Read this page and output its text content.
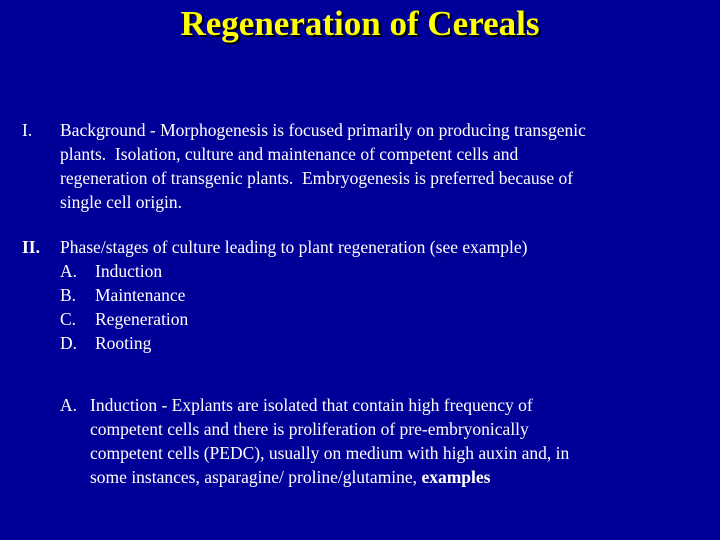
Regeneration of Cereals
I. Background - Morphogenesis is focused primarily on producing transgenic
plants.  Isolation, culture and maintenance of competent cells and
regeneration of transgenic plants.  Embryogenesis is preferred because of
single cell origin.
II. Phase/stages of culture leading to plant regeneration (see example)
A. Induction
B. Maintenance
C. Regeneration
D. Rooting
A. Induction - Explants are isolated that contain high frequency of
competent cells and there is proliferation of pre-embryonically
competent cells (PEDC), usually on medium with high auxin and, in
some instances, asparagine/ proline/glutamine, examples
